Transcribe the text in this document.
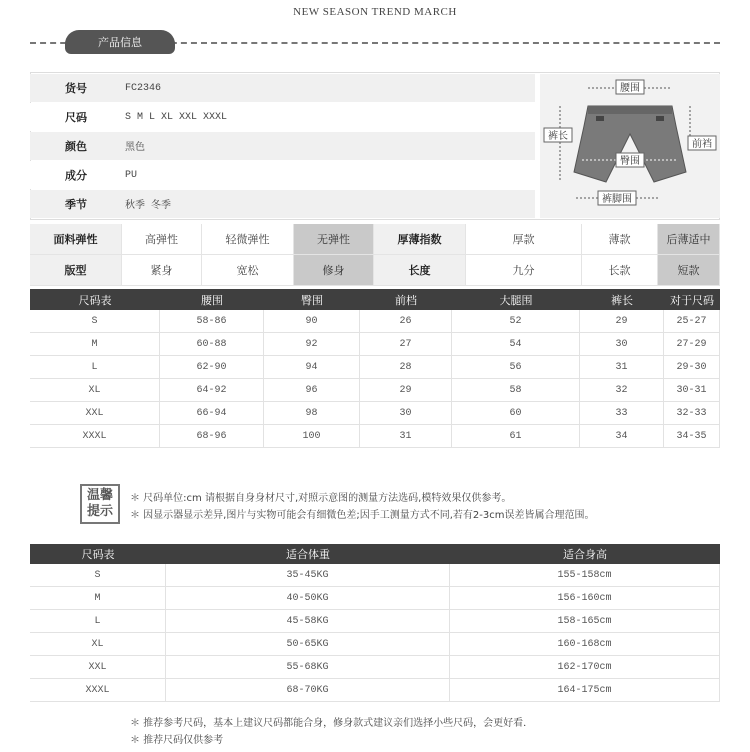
NEW SEASON TREND MARCH
产品信息
货号	FC2346
尺码	S M L XL XXL XXXL
颜色	黑色
成分	PU
季节	秋季 冬季
腰围
裤长
前裆
臀围
裤脚围
面料弹性	高弹性	轻微弹性	无弹性	厚薄指数	厚款	薄款	后薄适中
版型	紧身	宽松	修身	长度	九分	长款	短款
尺码表	腰围	臀围	前档	大腿围	裤长	对于尺码
S	58-86	90	26	52	29	25-27
M	60-88	92	27	54	30	27-29
L	62-90	94	28	56	31	29-30
XL	64-92	96	29	58	32	30-31
XXL	66-94	98	30	60	33	32-33
XXXL	68-96	100	31	61	34	34-35
温馨
提示
＊ 尺码单位:cm 请根据自身身材尺寸,对照示意图的测量方法选码,模特效果仅供参考。
＊ 因显示器显示差异,图片与实物可能会有细微色差;因手工测量方式不同,若有2-3cm误差皆属合理范围。
尺码表	适合体重	适合身高
S	35-45KG	155-158cm
M	40-50KG	156-160cm
L	45-58KG	158-165cm
XL	50-65KG	160-168cm
XXL	55-68KG	162-170cm
XXXL	68-70KG	164-175cm
＊ 推荐参考尺码，基本上建议尺码都能合身，修身款式建议亲们选择小些尺码，会更好看．
＊ 推荐尺码仅供参考
